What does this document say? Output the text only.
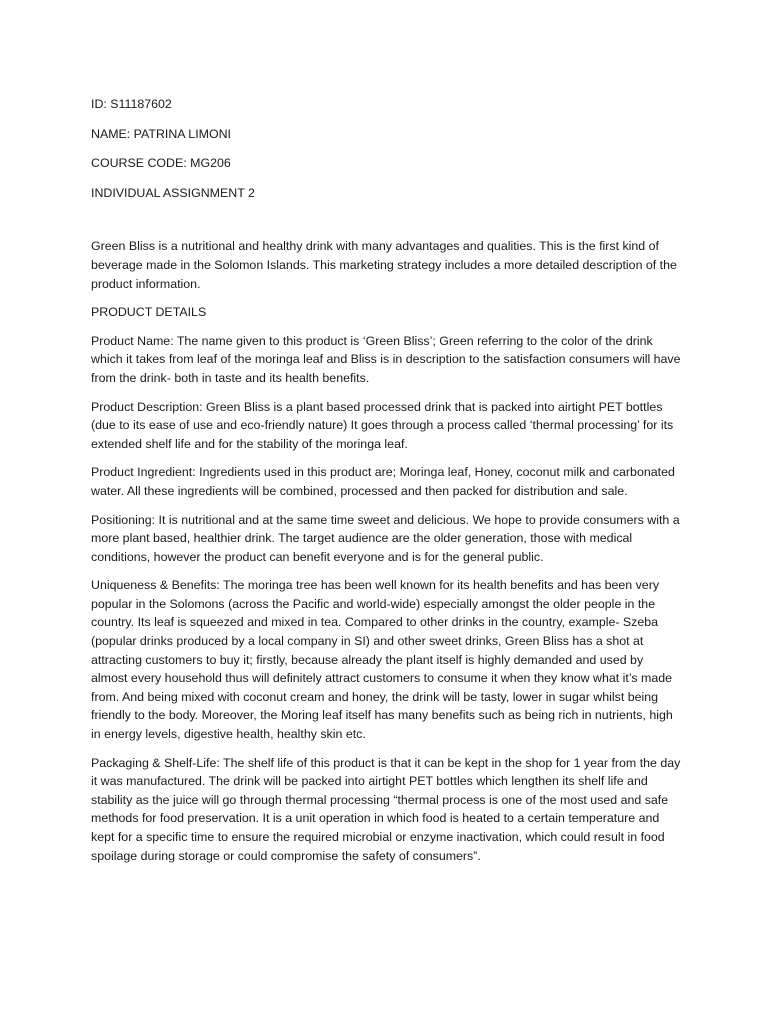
ID: S11187602

NAME: PATRINA LIMONI

COURSE CODE: MG206

INDIVIDUAL ASSIGNMENT 2

Green Bliss is a nutritional and healthy drink with many advantages and qualities. This is the first kind of beverage made in the Solomon Islands. This marketing strategy includes a more detailed description of the product information.

PRODUCT DETAILS

Product Name: The name given to this product is ‘Green Bliss’; Green referring to the color of the drink which it takes from leaf of the moringa leaf and Bliss is in description to the satisfaction consumers will have from the drink- both in taste and its health benefits.

Product Description: Green Bliss is a plant based processed drink that is packed into airtight PET bottles (due to its ease of use and eco-friendly nature) It goes through a process called ‘thermal processing’ for its extended shelf life and for the stability of the moringa leaf.

Product Ingredient: Ingredients used in this product are; Moringa leaf, Honey, coconut milk and carbonated water. All these ingredients will be combined, processed and then packed for distribution and sale.

Positioning: It is nutritional and at the same time sweet and delicious. We hope to provide consumers with a more plant based, healthier drink. The target audience are the older generation, those with medical conditions, however the product can benefit everyone and is for the general public.

Uniqueness & Benefits: The moringa tree has been well known for its health benefits and has been very popular in the Solomons (across the Pacific and world-wide) especially amongst the older people in the country. Its leaf is squeezed and mixed in tea. Compared to other drinks in the country, example- Szeba (popular drinks produced by a local company in SI) and other sweet drinks, Green Bliss has a shot at attracting customers to buy it; firstly, because already the plant itself is highly demanded and used by almost every household thus will definitely attract customers to consume it when they know what it’s made from. And being mixed with coconut cream and honey, the drink will be tasty, lower in sugar whilst being friendly to the body. Moreover, the Moring leaf itself has many benefits such as being rich in nutrients, high in energy levels, digestive health, healthy skin etc.

Packaging & Shelf-Life: The shelf life of this product is that it can be kept in the shop for 1 year from the day it was manufactured. The drink will be packed into airtight PET bottles which lengthen its shelf life and stability as the juice will go through thermal processing “thermal process is one of the most used and safe methods for food preservation. It is a unit operation in which food is heated to a certain temperature and kept for a specific time to ensure the required microbial or enzyme inactivation, which could result in food spoilage during storage or could compromise the safety of consumers”.
